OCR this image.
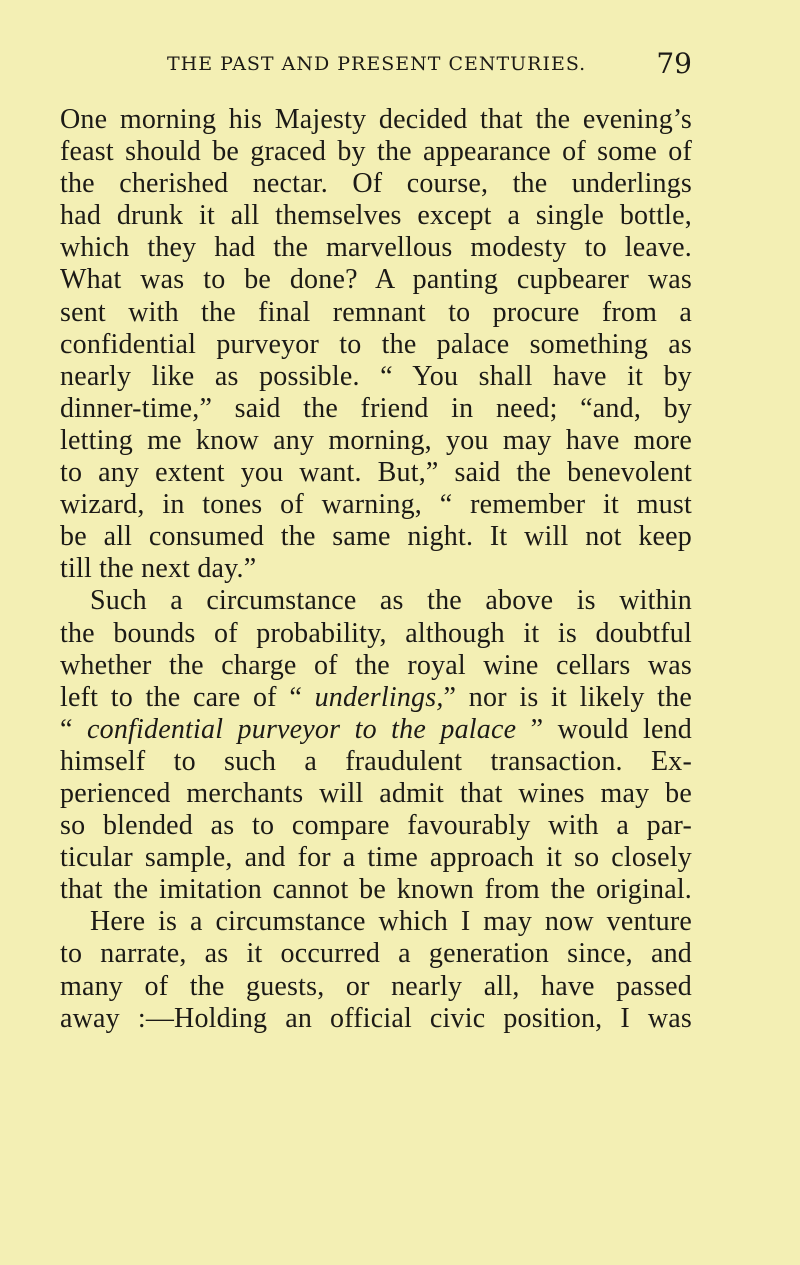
THE PAST AND PRESENT CENTURIES.	79
One morning his Majesty decided that the evening’s
feast should be graced by the appearance of some of
the cherished nectar. Of course, the underlings
had drunk it all themselves except a single bottle,
which they had the marvellous modesty to leave.
What was to be done? A panting cupbearer was
sent with the final remnant to procure from a
confidential purveyor to the palace something as
nearly like as possible. “ You shall have it by
dinner-time,” said the friend in need; “and, by
letting me know any morning, you may have more
to any extent you want. But,” said the benevolent
wizard, in tones of warning, “ remember it must
be all consumed the same night. It will not keep
till the next day.”
Such a circumstance as the above is within
the bounds of probability, although it is doubtful
whether the charge of the royal wine cellars was
left to the care of “ underlings,” nor is it likely the
“ confidential purveyor to the palace ” would lend
himself to such a fraudulent transaction. Ex-
perienced merchants will admit that wines may be
so blended as to compare favourably with a par-
ticular sample, and for a time approach it so closely
that the imitation cannot be known from the original.
Here is a circumstance which I may now venture
to narrate, as it occurred a generation since, and
many of the guests, or nearly all, have passed
away :—Holding an official civic position, I was
